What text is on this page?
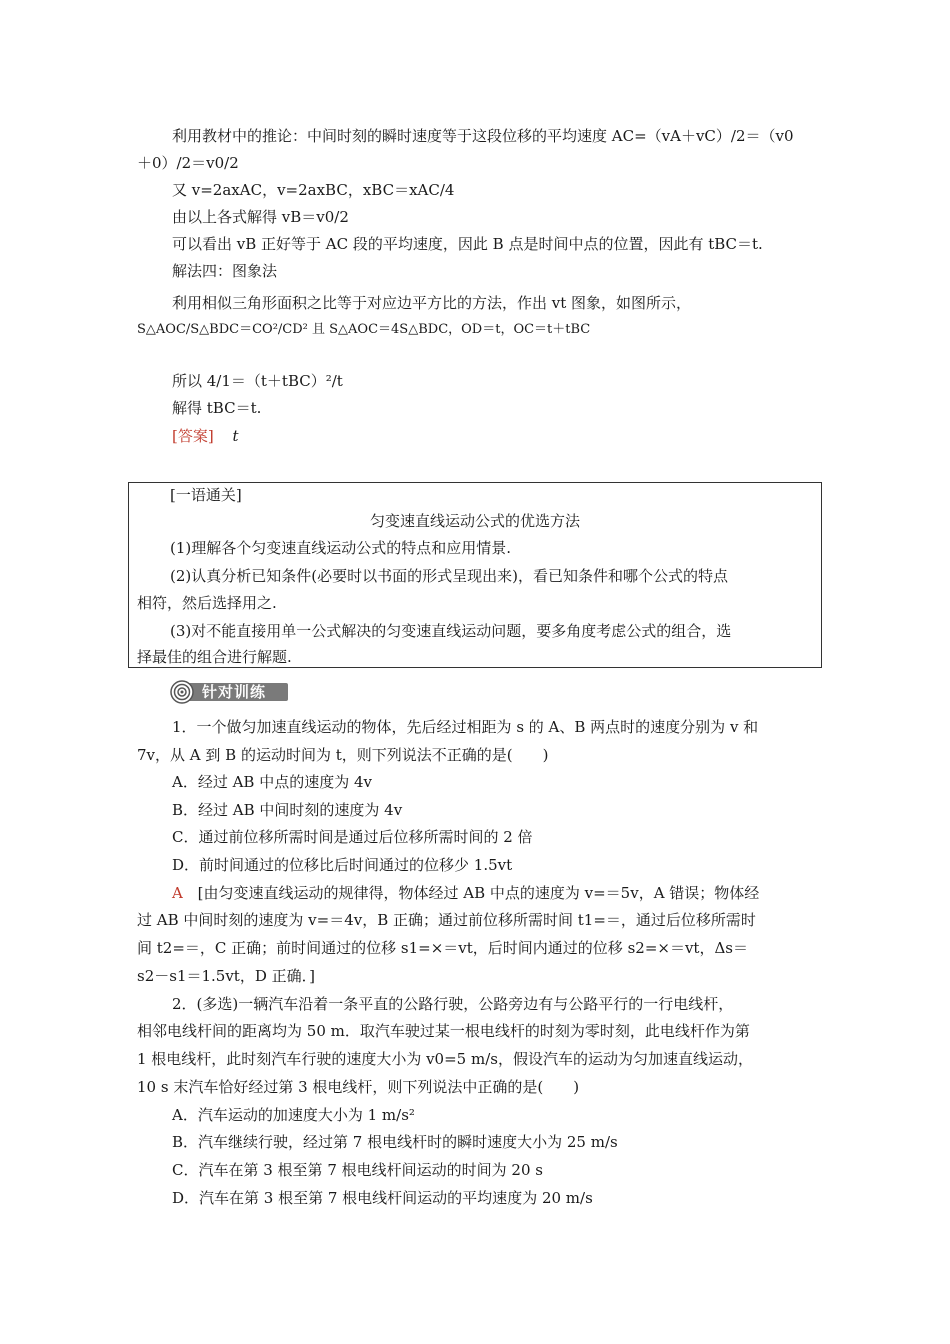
利用教材中的推论：中间时刻的瞬时速度等于这段位移的平均速度 AC=（vA＋vC）/2＝（v0
＋0）/2＝v0/2
又 v=2axAC，v=2axBC，xBC＝xAC/4
由以上各式解得 vB＝v0/2
可以看出 vB 正好等于 AC 段的平均速度，因此 B 点是时间中点的位置，因此有 tBC＝t.
解法四：图象法
利用相似三角形面积之比等于对应边平方比的方法，作出 vt 图象，如图所示，
S△AOC/S△BDC＝CO²/CD² 且 S△AOC＝4S△BDC，OD＝t，OC＝t＋tBC
所以 4/1＝（t＋tBC）²/t
解得 tBC＝t.
[答案] t
[一语通关]
匀变速直线运动公式的优选方法
(1)理解各个匀变速直线运动公式的特点和应用情景.
(2)认真分析已知条件(必要时以书面的形式呈现出来)，看已知条件和哪个公式的特点
相符，然后选择用之.
(3)对不能直接用单一公式解决的匀变速直线运动问题，要多角度考虑公式的组合，选
择最佳的组合进行解题.
针对训练
1．一个做匀加速直线运动的物体，先后经过相距为 s 的 A、B 两点时的速度分别为 v 和
7v，从 A 到 B 的运动时间为 t，则下列说法不正确的是(　　)
A．经过 AB 中点的速度为 4v
B．经过 AB 中间时刻的速度为 4v
C．通过前位移所需时间是通过后位移所需时间的 2 倍
D．前时间通过的位移比后时间通过的位移少 1.5vt
A [由匀变速直线运动的规律得，物体经过 AB 中点的速度为 v=＝5v，A 错误；物体经
过 AB 中间时刻的速度为 v=＝4v，B 正确；通过前位移所需时间 t1=＝，通过后位移所需时
间 t2=＝，C 正确；前时间通过的位移 s1=×＝vt，后时间内通过的位移 s2=×＝vt，Δs＝
s2－s1＝1.5vt，D 正确．]
2．(多选)一辆汽车沿着一条平直的公路行驶，公路旁边有与公路平行的一行电线杆，
相邻电线杆间的距离均为 50 m．取汽车驶过某一根电线杆的时刻为零时刻，此电线杆作为第
1 根电线杆，此时刻汽车行驶的速度大小为 v0=5 m/s，假设汽车的运动为匀加速直线运动，
10 s 末汽车恰好经过第 3 根电线杆，则下列说法中正确的是(　　)
A．汽车运动的加速度大小为 1 m/s²
B．汽车继续行驶，经过第 7 根电线杆时的瞬时速度大小为 25 m/s
C．汽车在第 3 根至第 7 根电线杆间运动的时间为 20 s
D．汽车在第 3 根至第 7 根电线杆间运动的平均速度为 20 m/s
